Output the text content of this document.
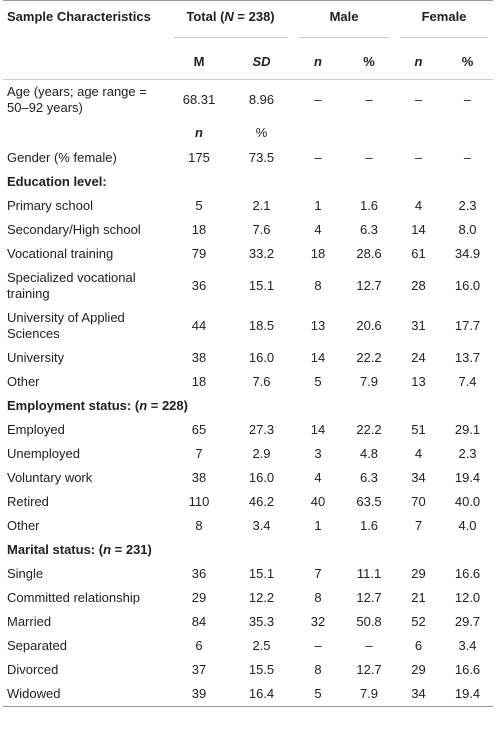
Sample Characteristics	Total (N = 238)		Male		Female	

	M	SD	n	%	n	%
Age (years; age range = 50–92 years)	68.31	8.96	–	–	–	–
	n	%				
Gender (% female)	175	73.5	–	–	–	–
Education level:						
Primary school	5	2.1	1	1.6	4	2.3
Secondary/High school	18	7.6	4	6.3	14	8.0
Vocational training	79	33.2	18	28.6	61	34.9
Specialized vocational training	36	15.1	8	12.7	28	16.0
University of Applied Sciences	44	18.5	13	20.6	31	17.7
University	38	16.0	14	22.2	24	13.7
Other	18	7.6	5	7.9	13	7.4
Employment status: (n = 228)						
Employed	65	27.3	14	22.2	51	29.1
Unemployed	7	2.9	3	4.8	4	2.3
Voluntary work	38	16.0	4	6.3	34	19.4
Retired	110	46.2	40	63.5	70	40.0
Other	8	3.4	1	1.6	7	4.0
Marital status: (n = 231)						
Single	36	15.1	7	11.1	29	16.6
Committed relationship	29	12.2	8	12.7	21	12.0
Married	84	35.3	32	50.8	52	29.7
Separated	6	2.5	–	–	6	3.4
Divorced	37	15.5	8	12.7	29	16.6
Widowed	39	16.4	5	7.9	34	19.4
